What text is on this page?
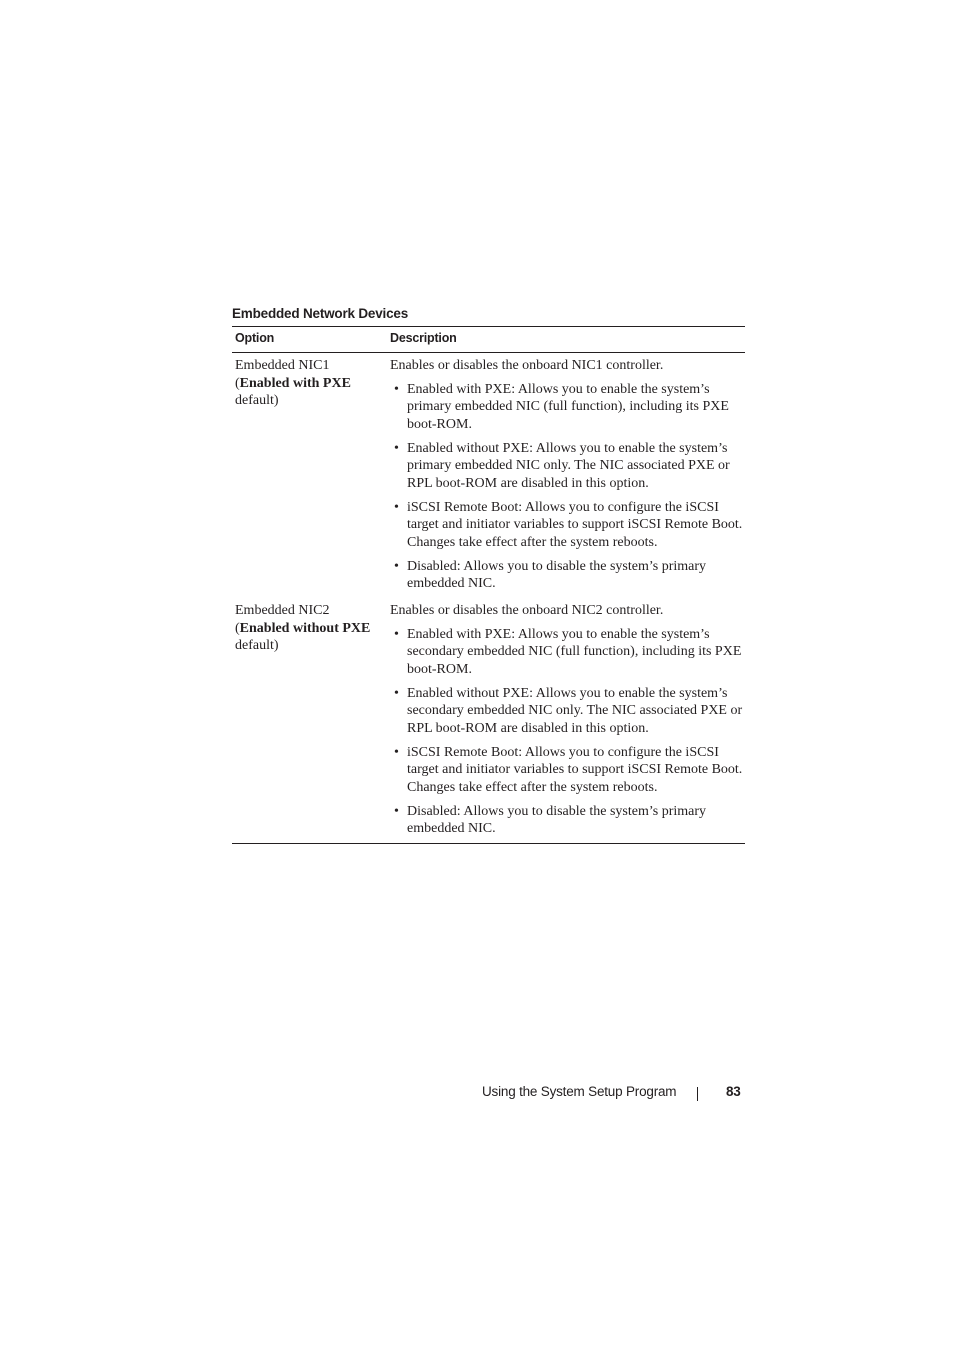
Embedded Network Devices
Option	Description
Embedded NIC1
(Enabled with PXE
default)
Enables or disables the onboard NIC1 controller.
• Enabled with PXE: Allows you to enable the system’s primary embedded NIC (full function), including its PXE boot-ROM.
• Enabled without PXE: Allows you to enable the system’s primary embedded NIC only. The NIC associated PXE or RPL boot-ROM are disabled in this option.
• iSCSI Remote Boot: Allows you to configure the iSCSI target and initiator variables to support iSCSI Remote Boot. Changes take effect after the system reboots.
• Disabled: Allows you to disable the system’s primary embedded NIC.
Embedded NIC2
(Enabled without PXE
default)
Enables or disables the onboard NIC2 controller.
• Enabled with PXE: Allows you to enable the system’s secondary embedded NIC (full function), including its PXE boot-ROM.
• Enabled without PXE: Allows you to enable the system’s secondary embedded NIC only. The NIC associated PXE or RPL boot-ROM are disabled in this option.
• iSCSI Remote Boot: Allows you to configure the iSCSI target and initiator variables to support iSCSI Remote Boot. Changes take effect after the system reboots.
• Disabled: Allows you to disable the system’s primary embedded NIC.
Using the System Setup Program	83
